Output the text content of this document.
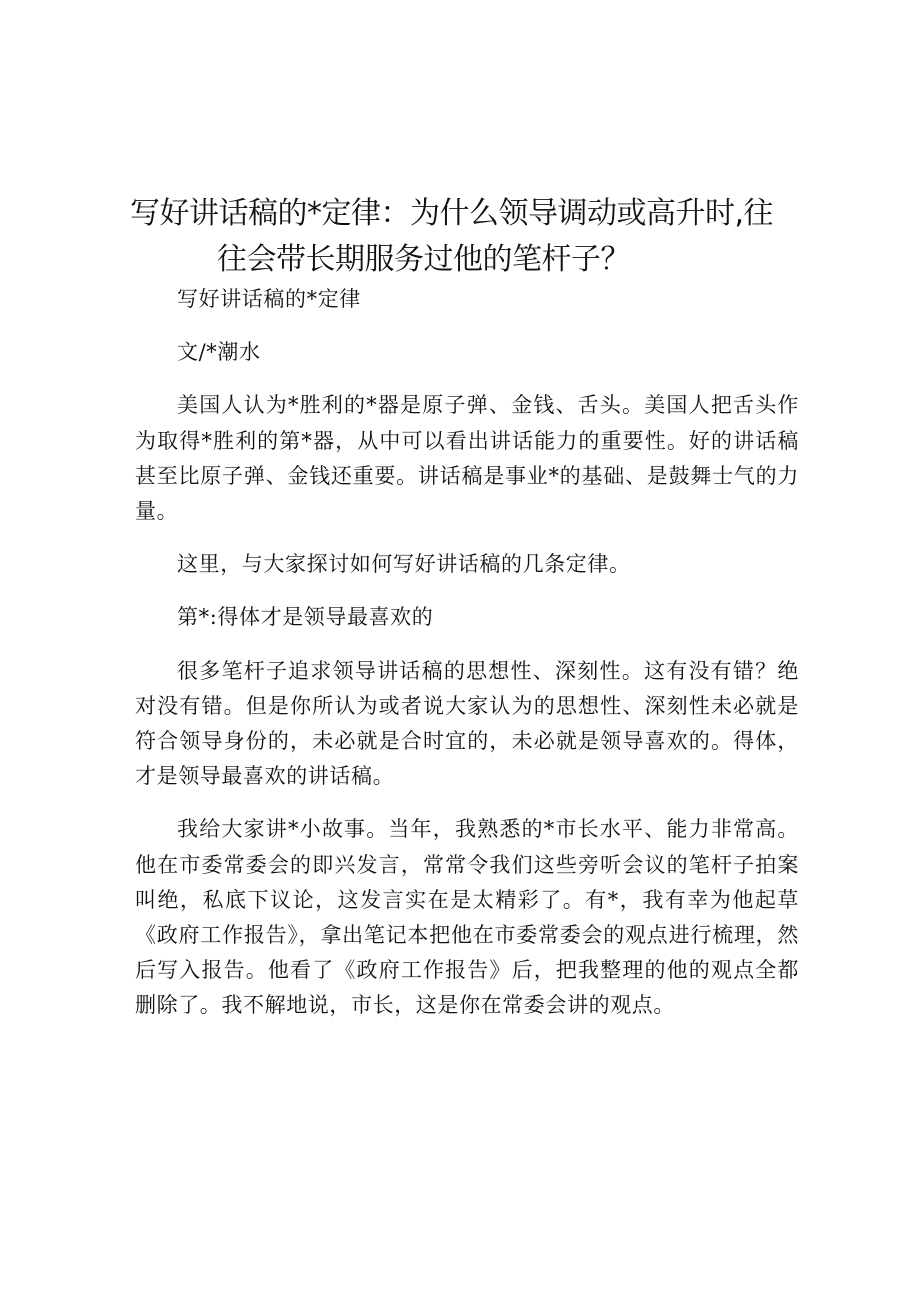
写好讲话稿的*定律：为什么领导调动或高升时,往
往会带长期服务过他的笔杆子？

写好讲话稿的*定律

文/*潮水

美国人认为*胜利的*器是原子弹、金钱、舌头。美国人把舌头作为取得*胜利的第*器，从中可以看出讲话能力的重要性。好的讲话稿甚至比原子弹、金钱还重要。讲话稿是事业*的基础、是鼓舞士气的力量。

这里，与大家探讨如何写好讲话稿的几条定律。

第*:得体才是领导最喜欢的

很多笔杆子追求领导讲话稿的思想性、深刻性。这有没有错？绝对没有错。但是你所认为或者说大家认为的思想性、深刻性未必就是符合领导身份的，未必就是合时宜的，未必就是领导喜欢的。得体，才是领导最喜欢的讲话稿。

我给大家讲*小故事。当年，我熟悉的*市长水平、能力非常高。他在市委常委会的即兴发言，常常令我们这些旁听会议的笔杆子拍案叫绝，私底下议论，这发言实在是太精彩了。有*，我有幸为他起草《政府工作报告》，拿出笔记本把他在市委常委会的观点进行梳理，然后写入报告。他看了《政府工作报告》后，把我整理的他的观点全都删除了。我不解地说，市长，这是你在常委会讲的观点。
